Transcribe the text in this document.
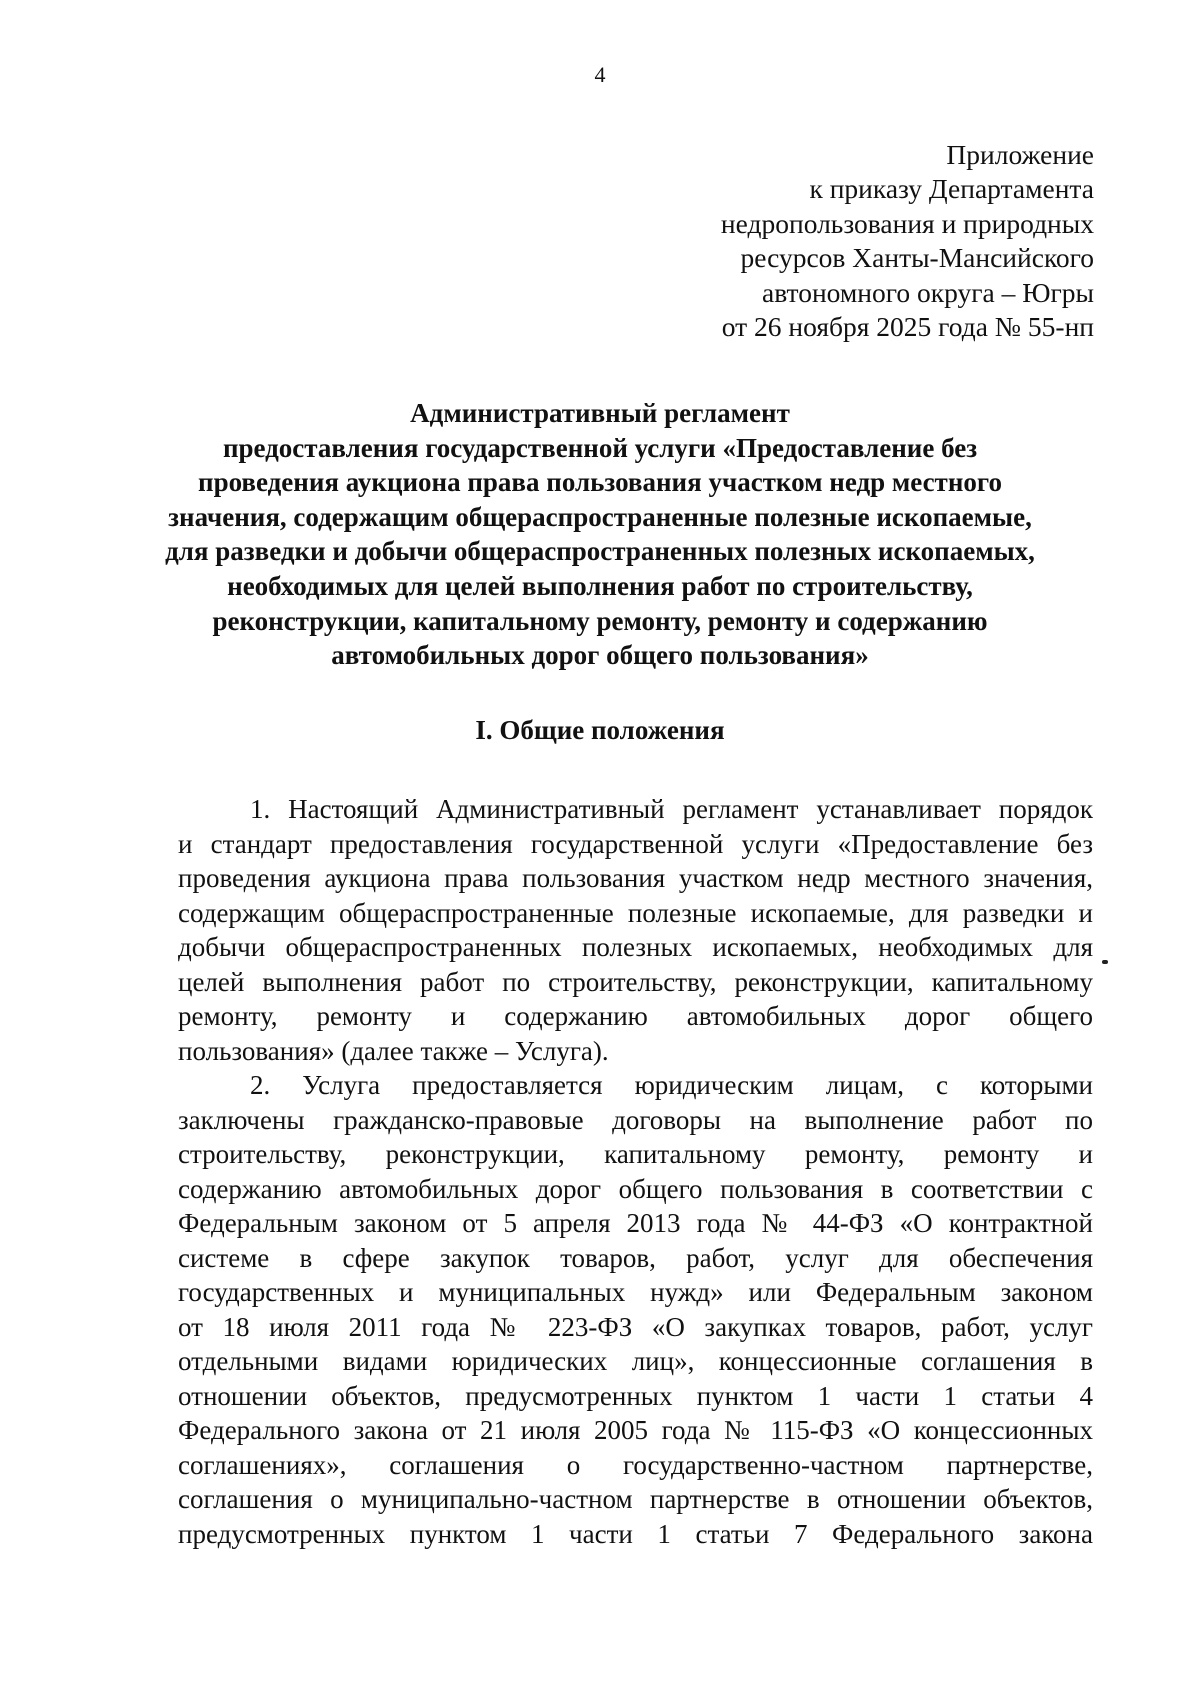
4
Приложение
к приказу Департамента
недропользования и природных
ресурсов Ханты-Мансийского
автономного округа – Югры
от 26 ноября 2025 года № 55-нп
Административный регламент
предоставления государственной услуги «Предоставление без
проведения аукциона права пользования участком недр местного
значения, содержащим общераспространенные полезные ископаемые,
для разведки и добычи общераспространенных полезных ископаемых,
необходимых для целей выполнения работ по строительству,
реконструкции, капитальному ремонту, ремонту и содержанию
автомобильных дорог общего пользования»
I. Общие положения
1. Настоящий Административный регламент устанавливает порядок
и стандарт предоставления государственной услуги «Предоставление без
проведения аукциона права пользования участком недр местного значения,
содержащим общераспространенные полезные ископаемые, для разведки и
добычи общераспространенных полезных ископаемых, необходимых для
целей выполнения работ по строительству, реконструкции, капитальному
ремонту, ремонту и содержанию автомобильных дорог общего
пользования» (далее также – Услуга).
2. Услуга предоставляется юридическим лицам, с которыми
заключены гражданско-правовые договоры на выполнение работ по
строительству, реконструкции, капитальному ремонту, ремонту и
содержанию автомобильных дорог общего пользования в соответствии с
Федеральным законом от 5 апреля 2013 года № 44-ФЗ «О контрактной
системе в сфере закупок товаров, работ, услуг для обеспечения
государственных и муниципальных нужд» или Федеральным законом
от 18 июля 2011 года № 223-ФЗ «О закупках товаров, работ, услуг
отдельными видами юридических лиц», концессионные соглашения в
отношении объектов, предусмотренных пунктом 1 части 1 статьи 4
Федерального закона от 21 июля 2005 года № 115-ФЗ «О концессионных
соглашениях», соглашения о государственно-частном партнерстве,
соглашения о муниципально-частном партнерстве в отношении объектов,
предусмотренных пунктом 1 части 1 статьи 7 Федерального закона
